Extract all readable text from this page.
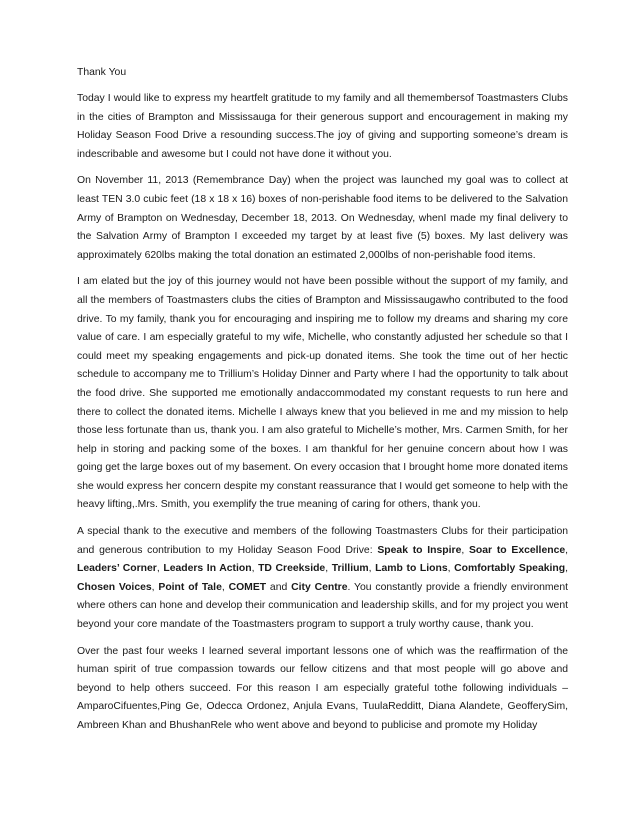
Thank You

Today I would like to express my heartfelt gratitude to my family and all themembersof Toastmasters Clubs in the cities of Brampton and Mississauga for their generous support and encouragement in making my Holiday Season Food Drive a resounding success.The joy of giving and supporting someone’s dream is indescribable and awesome but I could not have done it without you.

On November 11, 2013 (Remembrance Day) when the project was launched my goal was to collect at least TEN 3.0 cubic feet (18 x 18 x 16) boxes of non-perishable food items to be delivered to the Salvation Army of Brampton on Wednesday, December 18, 2013. On Wednesday, whenI made my final delivery to the Salvation Army of Brampton I exceeded my target by at least five (5) boxes. My last delivery was approximately 620lbs making the total donation an estimated 2,000lbs of non-perishable food items.

I am elated but the joy of this journey would not have been possible without the support of my family, and all the members of Toastmasters clubs the cities of Brampton and Mississaugawho contributed to the food drive. To my family, thank you for encouraging and inspiring me to follow my dreams and sharing my core value of care. I am especially grateful to my wife, Michelle, who constantly adjusted her schedule so that I could meet my speaking engagements and pick-up donated items. She took the time out of her hectic schedule to accompany me to Trillium’s Holiday Dinner and Party where I had the opportunity to talk about the food drive. She supported me emotionally andaccommodated my constant requests to run here and there to collect the donated items. Michelle I always knew that you believed in me and my mission to help those less fortunate than us, thank you. I am also grateful to Michelle’s mother, Mrs. Carmen Smith, for her help in storing and packing some of the boxes. I am thankful for her genuine concern about how I was going get the large boxes out of my basement. On every occasion that I brought home more donated items she would express her concern despite my constant reassurance that I would get someone to help with the heavy lifting,.Mrs. Smith, you exemplify the true meaning of caring for others, thank you.

A special thank to the executive and members of the following Toastmasters Clubs for their participation and generous contribution to my Holiday Season Food Drive: Speak to Inspire, Soar to Excellence, Leaders’ Corner, Leaders In Action, TD Creekside, Trillium, Lamb to Lions, Comfortably Speaking, Chosen Voices, Point of Tale, COMET and City Centre. You constantly provide a friendly environment where others can hone and develop their communication and leadership skills, and for my project you went beyond your core mandate of the Toastmasters program to support a truly worthy cause, thank you.

Over the past four weeks I learned several important lessons one of which was the reaffirmation of the human spirit of true compassion towards our fellow citizens and that most people will go above and beyond to help others succeed. For this reason I am especially grateful tothe following individuals – AmparoCifuentes,Ping Ge, Odecca Ordonez, Anjula Evans, TuulaRedditt, Diana Alandete, GeofferySim, Ambreen Khan and BhushanRele who went above and beyond to publicise and promote my Holiday
